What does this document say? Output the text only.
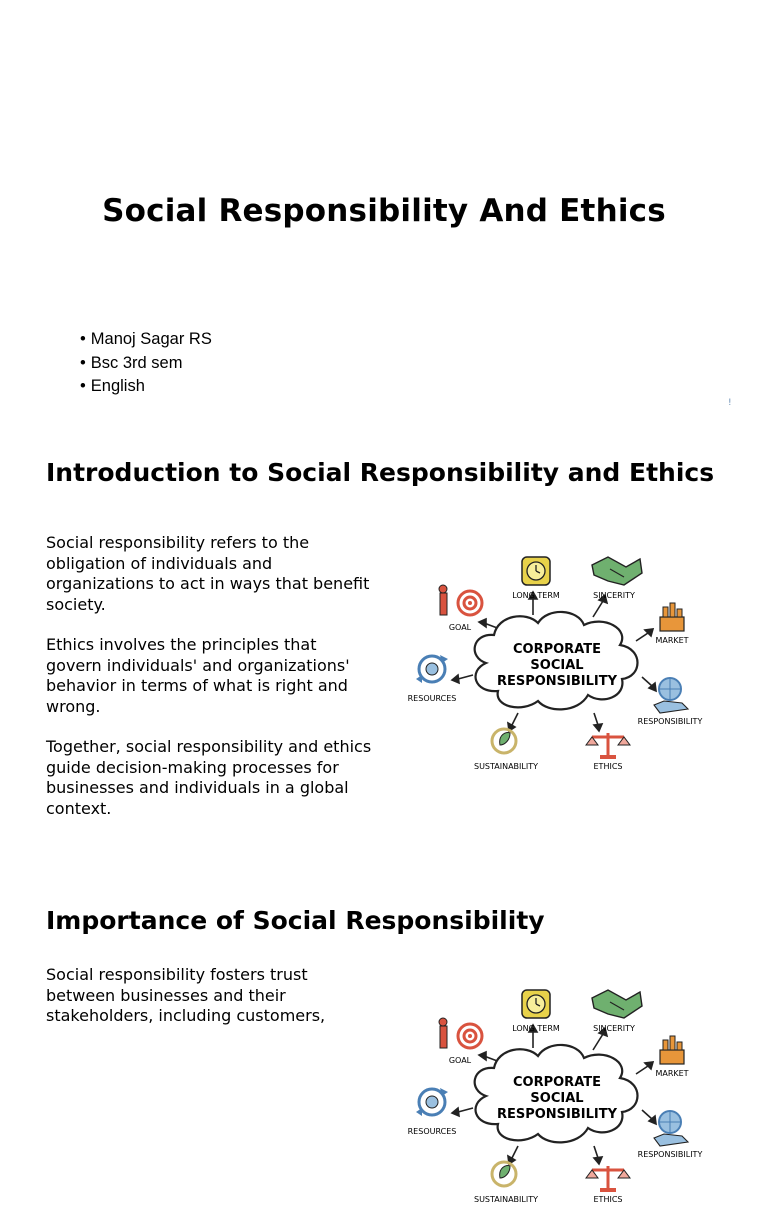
Social Responsibility And Ethics
• Manoj Sagar RS
• Bsc 3rd sem
• English
!
Introduction to Social Responsibility and Ethics

Social responsibility refers to the obligation of individuals and organizations to act in ways that benefit society.

Ethics involves the principles that govern individuals' and organizations' behavior in terms of what is right and wrong.

Together, social responsibility and ethics guide decision-making processes for businesses and individuals in a global context.

CORPORATE
SOCIAL
RESPONSIBILITY
LONG TERM	SINCERITY
GOAL
MARKET
RESOURCES
RESPONSIBILITY
SUSTAINABILITY	ETHICS
Importance of Social Responsibility

Social responsibility fosters trust between businesses and their stakeholders, including customers,

CORPORATE
SOCIAL
RESPONSIBILITY
LONG TERM	SINCERITY
GOAL
MARKET
RESOURCES
RESPONSIBILITY
SUSTAINABILITY	ETHICS
